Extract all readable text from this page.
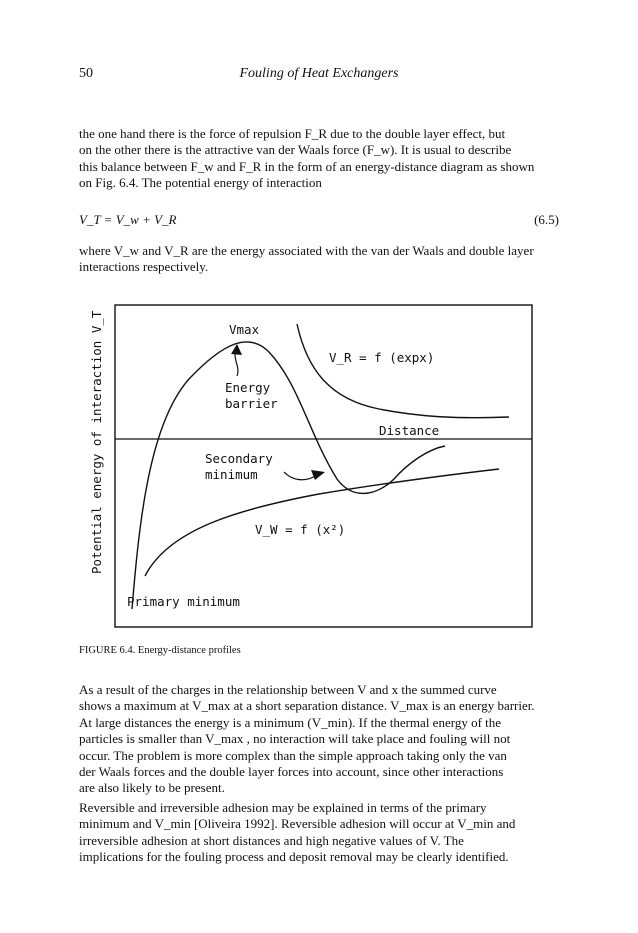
50	Fouling of Heat Exchangers
the one hand there is the force of repulsion F_R due to the double layer effect, but
on the other there is the attractive van der Waals force (F_w). It is usual to describe
this balance between F_w and F_R in the form of an energy-distance diagram as shown
on Fig. 6.4. The potential energy of interaction
V_T = V_w + V_R	(6.5)
where V_w and V_R are the energy associated with the van der Waals and double layer
interactions respectively.
Potential energy of interaction V_T	Vmax
V_R = f (expx)
Energy
barrier
Distance
Secondary
minimum
V_W = f (x²)
Primary minimum
FIGURE 6.4. Energy-distance profiles
As a result of the charges in the relationship between V and x the summed curve
shows a maximum at V_max at a short separation distance. V_max is an energy barrier.
At large distances the energy is a minimum (V_min). If the thermal energy of the
particles is smaller than V_max , no interaction will take place and fouling will not
occur. The problem is more complex than the simple approach taking only the van
der Waals forces and the double layer forces into account, since other interactions
are also likely to be present.
Reversible and irreversible adhesion may be explained in terms of the primary
minimum and V_min [Oliveira 1992]. Reversible adhesion will occur at V_min and
irreversible adhesion at short distances and high negative values of V. The
implications for the fouling process and deposit removal may be clearly identified.
